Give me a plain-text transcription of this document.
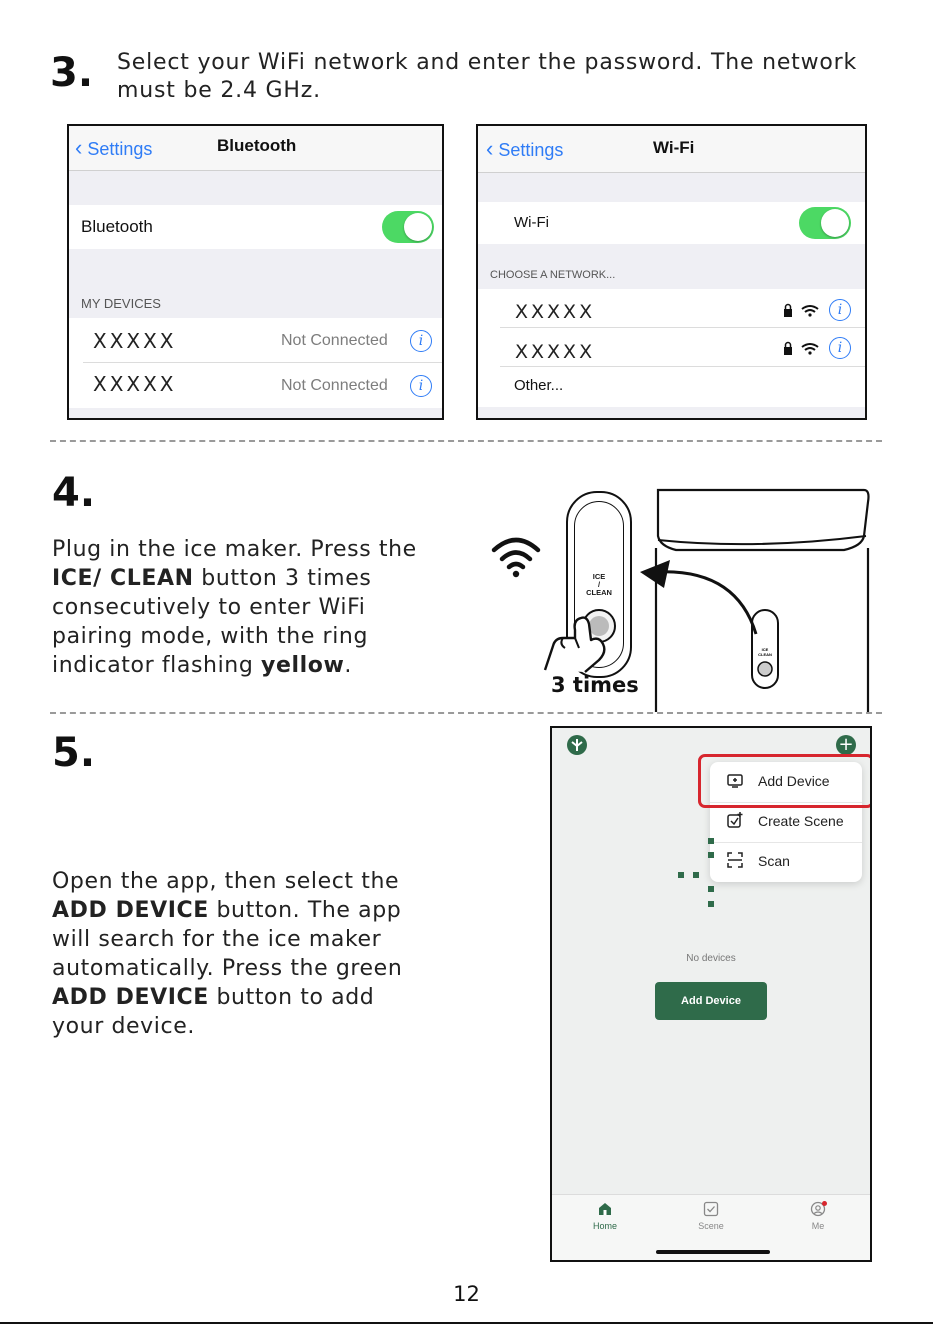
3. Select your WiFi network and enter the password. The network
must be 2.4 GHz.
‹ Settings	Bluetooth
Bluetooth
MY DEVICES
XXXXX	Not Connected	i
XXXXX	Not Connected	i
‹ Settings	Wi-Fi
Wi-Fi
CHOOSE A NETWORK...
XXXXX	i
XXXXX	i
Other...
4.
Plug in the ice maker. Press the
ICE/ CLEAN button 3 times
consecutively to enter WiFi
pairing mode, with the ring
indicator flashing yellow.
ICE
/
CLEAN
3 times
ICE
CLEAN
5.
Open the app, then select the
ADD DEVICE button. The app
will search for the ice maker
automatically. Press the green
ADD DEVICE button to add
your device.
+
Add Device
Create Scene
Scan
No devices
Add Device
Home	Scene	Me
12
